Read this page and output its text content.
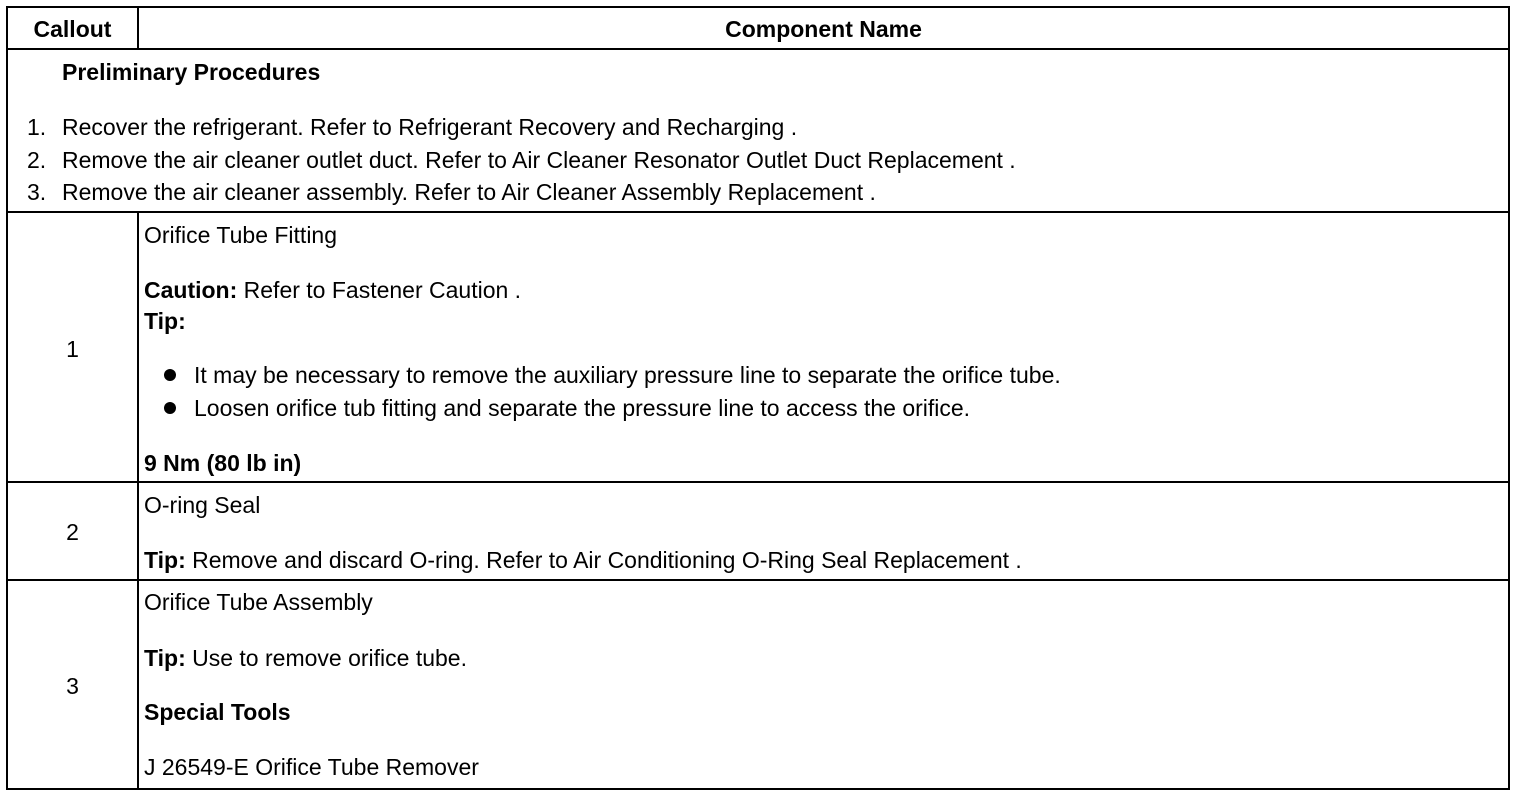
Callout	Component Name
Preliminary Procedures
1. Recover the refrigerant. Refer to Refrigerant Recovery and Recharging .
2. Remove the air cleaner outlet duct. Refer to Air Cleaner Resonator Outlet Duct Replacement .
3. Remove the air cleaner assembly. Refer to Air Cleaner Assembly Replacement .
1
Orifice Tube Fitting
Caution: Refer to Fastener Caution .
Tip:
It may be necessary to remove the auxiliary pressure line to separate the orifice tube.
Loosen orifice tub fitting and separate the pressure line to access the orifice.
9 Nm (80 lb in)
2
O-ring Seal
Tip: Remove and discard O-ring. Refer to Air Conditioning O-Ring Seal Replacement .
3
Orifice Tube Assembly
Tip: Use to remove orifice tube.
Special Tools
J 26549-E Orifice Tube Remover
